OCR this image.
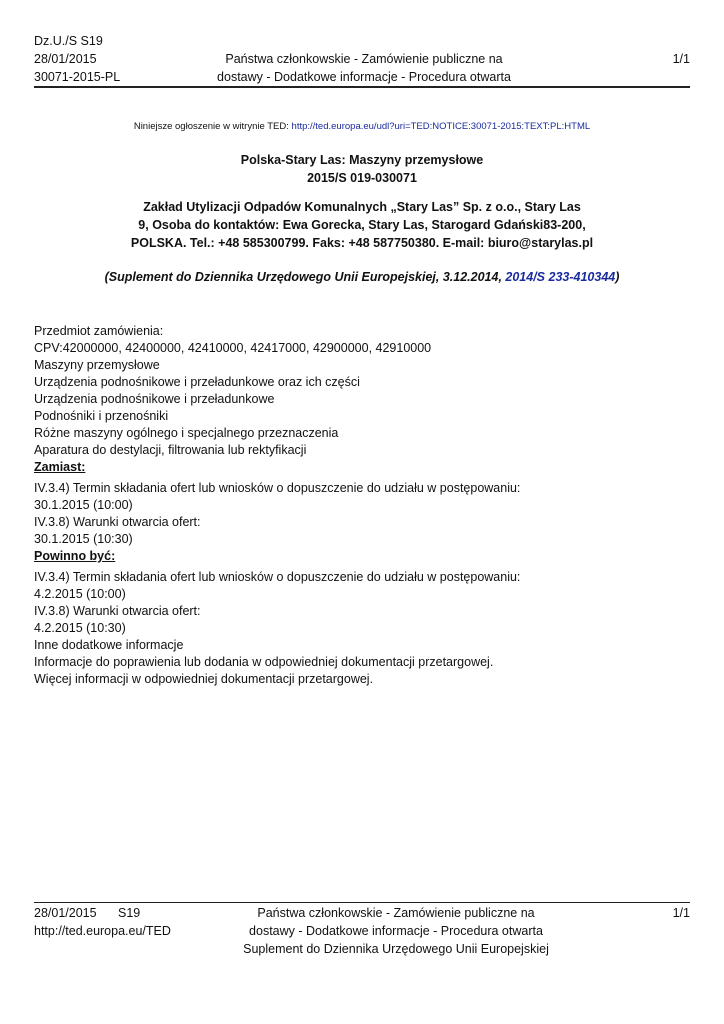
Dz.U./S S19
28/01/2015
30071-2015-PL
Państwa członkowskie - Zamówienie publiczne na
dostawy - Dodatkowe informacje - Procedura otwarta
1/1
Niniejsze ogłoszenie w witrynie TED: http://ted.europa.eu/udl?uri=TED:NOTICE:30071-2015:TEXT:PL:HTML
Polska-Stary Las: Maszyny przemysłowe
2015/S 019-030071
Zakład Utylizacji Odpadów Komunalnych „Stary Las” Sp. z o.o., Stary Las
9, Osoba do kontaktów: Ewa Gorecka, Stary Las, Starogard Gdański83-200,
POLSKA. Tel.: +48 585300799. Faks: +48 587750380. E-mail: biuro@starylas.pl
(Suplement do Dziennika Urzędowego Unii Europejskiej, 3.12.2014, 2014/S 233-410344)
Przedmiot zamówienia:
CPV:42000000, 42400000, 42410000, 42417000, 42900000, 42910000
Maszyny przemysłowe
Urządzenia podnośnikowe i przeładunkowe oraz ich części
Urządzenia podnośnikowe i przeładunkowe
Podnośniki i przenośniki
Różne maszyny ogólnego i specjalnego przeznaczenia
Aparatura do destylacji, filtrowania lub rektyfikacji
Zamiast:
IV.3.4) Termin składania ofert lub wniosków o dopuszczenie do udziału w postępowaniu:
30.1.2015 (10:00)
IV.3.8) Warunki otwarcia ofert:
30.1.2015 (10:30)
Powinno być:
IV.3.4) Termin składania ofert lub wniosków o dopuszczenie do udziału w postępowaniu:
4.2.2015 (10:00)
IV.3.8) Warunki otwarcia ofert:
4.2.2015 (10:30)
Inne dodatkowe informacje
Informacje do poprawienia lub dodania w odpowiedniej dokumentacji przetargowej.
Więcej informacji w odpowiedniej dokumentacji przetargowej.
28/01/2015 S19
http://ted.europa.eu/TED
Państwa członkowskie - Zamówienie publiczne na
dostawy - Dodatkowe informacje - Procedura otwarta
Suplement do Dziennika Urzędowego Unii Europejskiej
1/1
